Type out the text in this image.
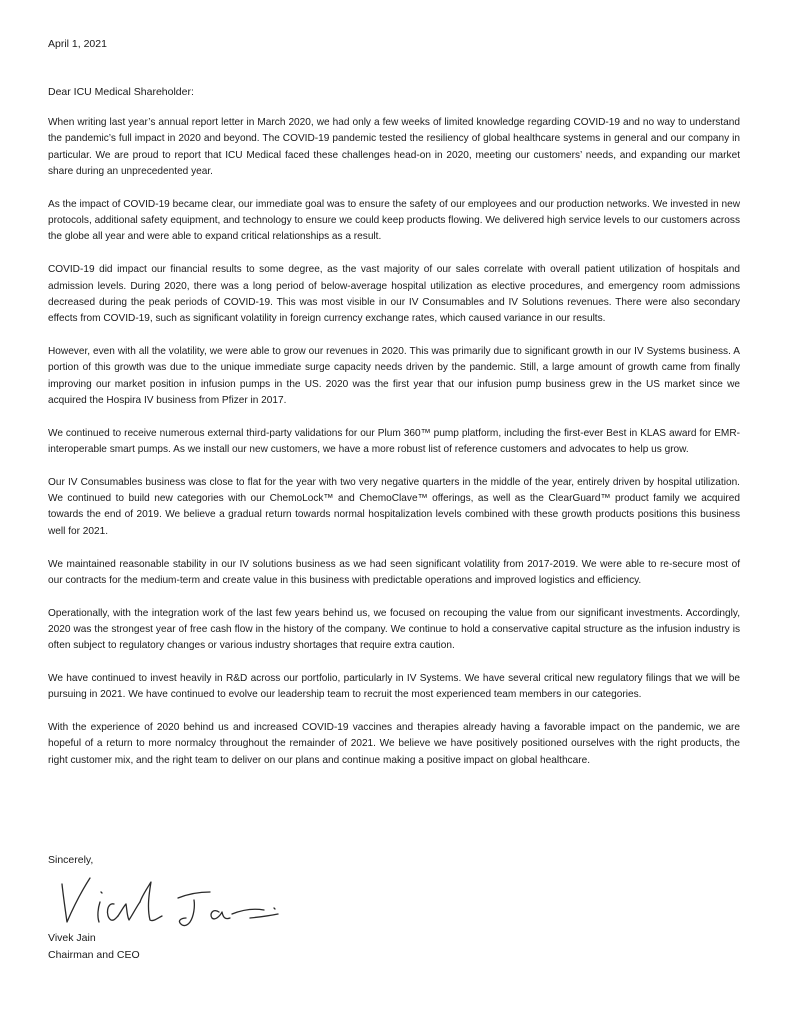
April 1, 2021
Dear ICU Medical Shareholder:

When writing last year’s annual report letter in March 2020, we had only a few weeks of limited knowledge regarding COVID-19 and no way to understand the pandemic’s full impact in 2020 and beyond. The COVID-19 pandemic tested the resiliency of global healthcare systems in general and our company in particular. We are proud to report that ICU Medical faced these challenges head-on in 2020, meeting our customers’ needs, and expanding our market share during an unprecedented year.

As the impact of COVID-19 became clear, our immediate goal was to ensure the safety of our employees and our production networks. We invested in new protocols, additional safety equipment, and technology to ensure we could keep products flowing. We delivered high service levels to our customers across the globe all year and were able to expand critical relationships as a result.

COVID-19 did impact our financial results to some degree, as the vast majority of our sales correlate with overall patient utilization of hospitals and admission levels. During 2020, there was a long period of below-average hospital utilization as elective procedures, and emergency room admissions decreased during the peak periods of COVID-19. This was most visible in our IV Consumables and IV Solutions revenues. There were also secondary effects from COVID-19, such as significant volatility in foreign currency exchange rates, which caused variance in our results.

However, even with all the volatility, we were able to grow our revenues in 2020. This was primarily due to significant growth in our IV Systems business. A portion of this growth was due to the unique immediate surge capacity needs driven by the pandemic. Still, a large amount of growth came from finally improving our market position in infusion pumps in the US. 2020 was the first year that our infusion pump business grew in the US market since we acquired the Hospira IV business from Pfizer in 2017.

We continued to receive numerous external third-party validations for our Plum 360™ pump platform, including the first-ever Best in KLAS award for EMR-interoperable smart pumps. As we install our new customers, we have a more robust list of reference customers and advocates to help us grow.

Our IV Consumables business was close to flat for the year with two very negative quarters in the middle of the year, entirely driven by hospital utilization. We continued to build new categories with our ChemoLock™ and ChemoClave™ offerings, as well as the ClearGuard™ product family we acquired towards the end of 2019. We believe a gradual return towards normal hospitalization levels combined with these growth products positions this business well for 2021.

We maintained reasonable stability in our IV solutions business as we had seen significant volatility from 2017-2019. We were able to re-secure most of our contracts for the medium-term and create value in this business with predictable operations and improved logistics and efficiency.

Operationally, with the integration work of the last few years behind us, we focused on recouping the value from our significant investments. Accordingly, 2020 was the strongest year of free cash flow in the history of the company. We continue to hold a conservative capital structure as the infusion industry is often subject to regulatory changes or various industry shortages that require extra caution.

We have continued to invest heavily in R&D across our portfolio, particularly in IV Systems. We have several critical new regulatory filings that we will be pursuing in 2021. We have continued to evolve our leadership team to recruit the most experienced team members in our categories.

With the experience of 2020 behind us and increased COVID-19 vaccines and therapies already having a favorable impact on the pandemic, we are hopeful of a return to more normalcy throughout the remainder of 2021. We believe we have positively positioned ourselves with the right products, the right customer mix, and the right team to deliver on our plans and continue making a positive impact on global healthcare.

Sincerely,
Vivek Jain
Chairman and CEO
